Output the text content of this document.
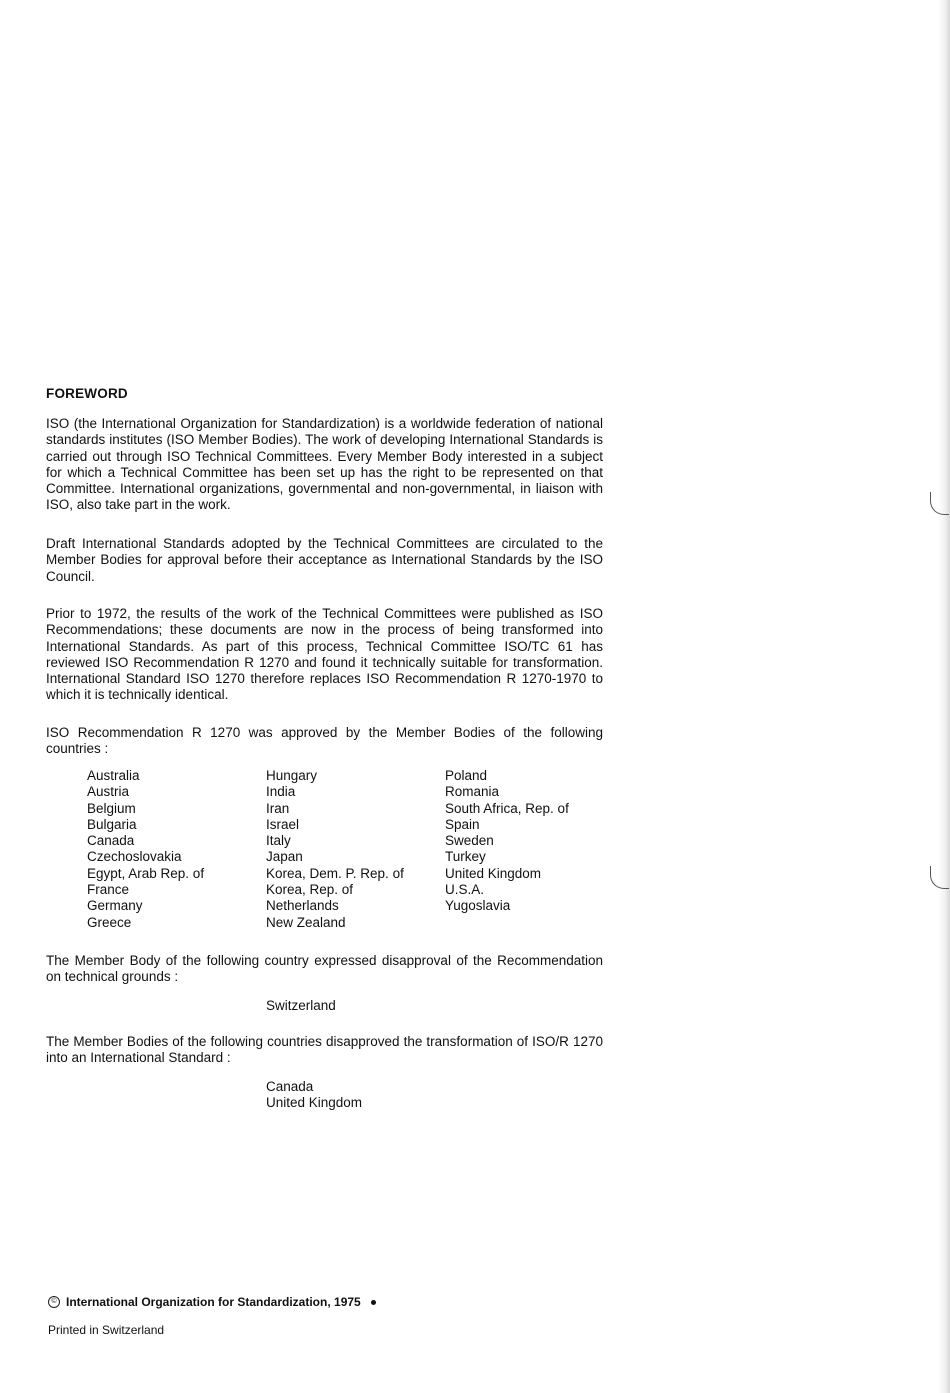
FOREWORD

ISO (the International Organization for Standardization) is a worldwide federation of national standards institutes (ISO Member Bodies). The work of developing International Standards is carried out through ISO Technical Committees. Every Member Body interested in a subject for which a Technical Committee has been set up has the right to be represented on that Committee. International organizations, governmental and non-governmental, in liaison with ISO, also take part in the work.

Draft International Standards adopted by the Technical Committees are circulated to the Member Bodies for approval before their acceptance as International Standards by the ISO Council.

Prior to 1972, the results of the work of the Technical Committees were published as ISO Recommendations; these documents are now in the process of being transformed into International Standards. As part of this process, Technical Committee ISO/TC 61 has reviewed ISO Recommendation R 1270 and found it technically suitable for transformation. International Standard ISO 1270 therefore replaces ISO Recommendation R 1270-1970 to which it is technically identical.

ISO Recommendation R 1270 was approved by the Member Bodies of the following countries :

Australia
Austria
Belgium
Bulgaria
Canada
Czechoslovakia
Egypt, Arab Rep. of
France
Germany
Greece
Hungary
India
Iran
Israel
Italy
Japan
Korea, Dem. P. Rep. of
Korea, Rep. of
Netherlands
New Zealand
Poland
Romania
South Africa, Rep. of
Spain
Sweden
Turkey
United Kingdom
U.S.A.
Yugoslavia

The Member Body of the following country expressed disapproval of the Recommendation on technical grounds :

Switzerland

The Member Bodies of the following countries disapproved the transformation of ISO/R 1270 into an International Standard :

Canada
United Kingdom
© International Organization for Standardization, 1975
Printed in Switzerland
